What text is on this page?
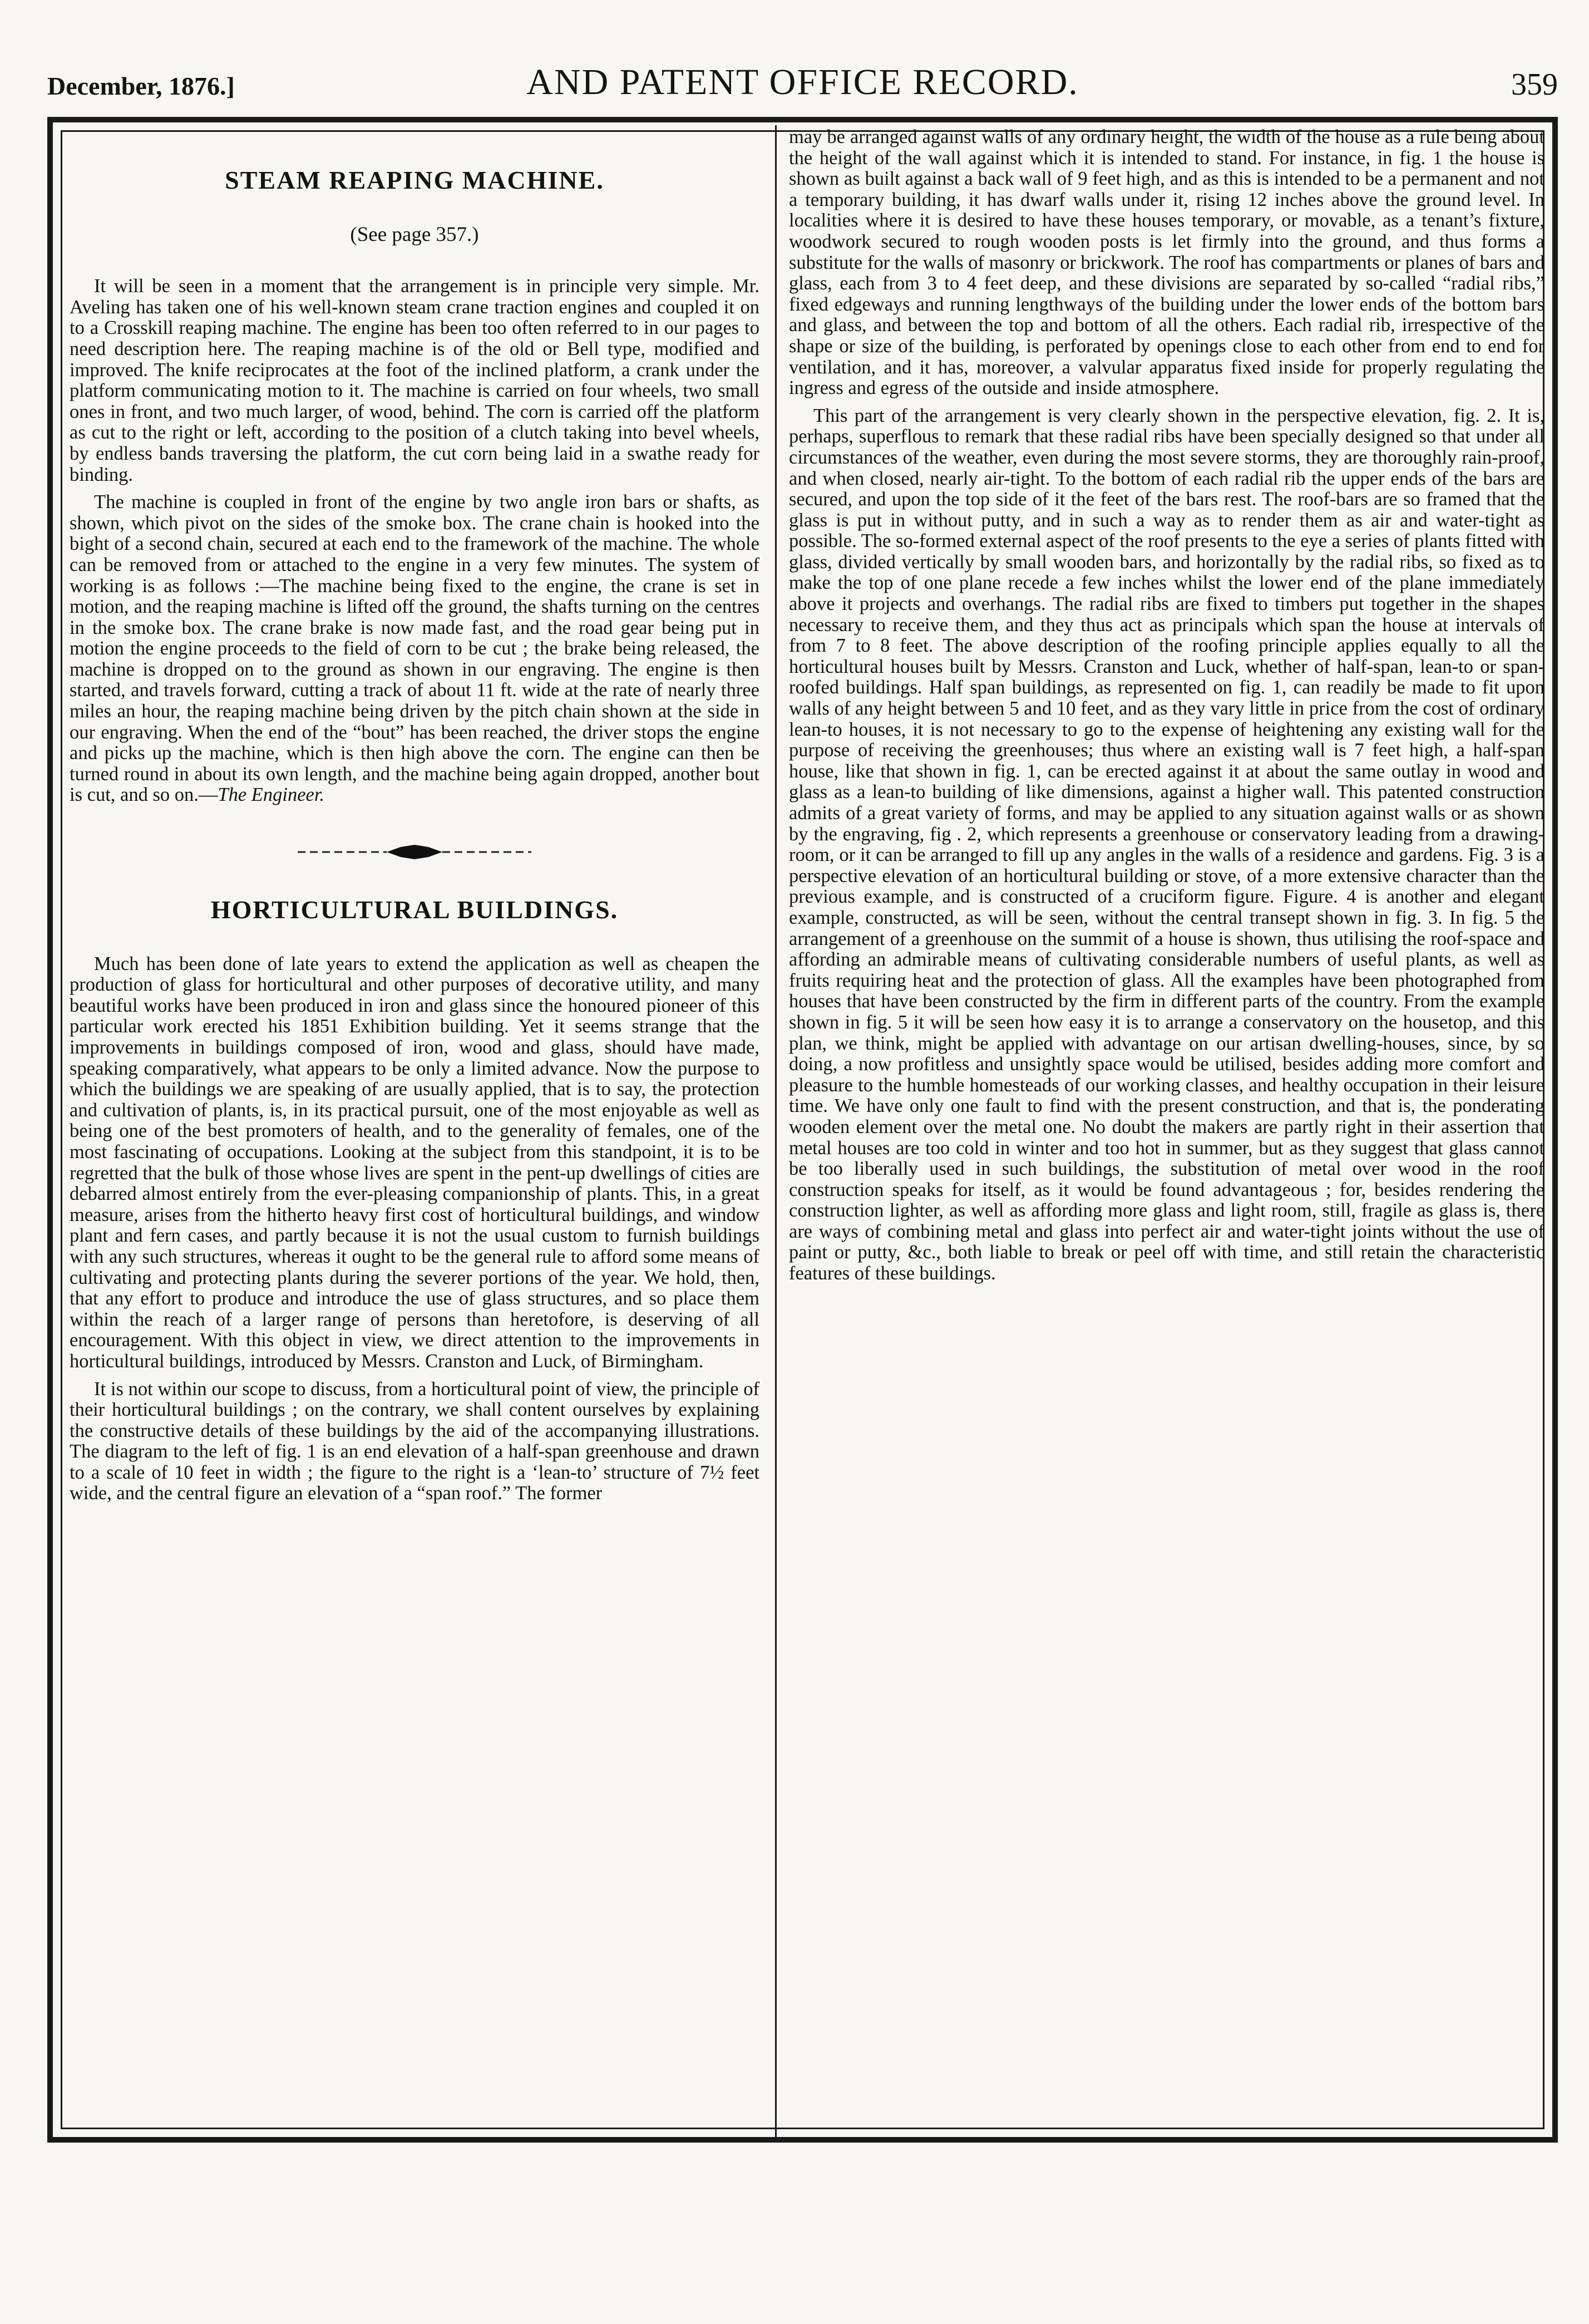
December, 1876.]	AND PATENT OFFICE RECORD.	359
STEAM REAPING MACHINE.
(See page 357.)

It will be seen in a moment that the arrangement is in principle very simple. Mr. Aveling has taken one of his well-known steam crane traction engines and coupled it on to a Crosskill reaping machine. The engine has been too often referred to in our pages to need description here. The reaping machine is of the old or Bell type, modified and improved. The knife reciprocates at the foot of the inclined platform, a crank under the platform communicating motion to it. The machine is carried on four wheels, two small ones in front, and two much larger, of wood, behind. The corn is carried off the platform as cut to the right or left, according to the position of a clutch taking into bevel wheels, by endless bands traversing the platform, the cut corn being laid in a swathe ready for binding.

The machine is coupled in front of the engine by two angle iron bars or shafts, as shown, which pivot on the sides of the smoke box. The crane chain is hooked into the bight of a second chain, secured at each end to the framework of the machine. The whole can be removed from or attached to the engine in a very few minutes. The system of working is as follows :—The machine being fixed to the engine, the crane is set in motion, and the reaping machine is lifted off the ground, the shafts turning on the centres in the smoke box. The crane brake is now made fast, and the road gear being put in motion the engine proceeds to the field of corn to be cut ; the brake being released, the machine is dropped on to the ground as shown in our engraving. The engine is then started, and travels forward, cutting a track of about 11 ft. wide at the rate of nearly three miles an hour, the reaping machine being driven by the pitch chain shown at the side in our engraving. When the end of the “bout” has been reached, the driver stops the engine and picks up the machine, which is then high above the corn. The engine can then be turned round in about its own length, and the machine being again dropped, another bout is cut, and so on.—The Engineer.

HORTICULTURAL BUILDINGS.

Much has been done of late years to extend the application as well as cheapen the production of glass for horticultural and other purposes of decorative utility, and many beautiful works have been produced in iron and glass since the honoured pioneer of this particular work erected his 1851 Exhibition building. Yet it seems strange that the improvements in buildings composed of iron, wood and glass, should have made, speaking comparatively, what appears to be only a limited advance. Now the purpose to which the buildings we are speaking of are usually applied, that is to say, the protection and cultivation of plants, is, in its practical pursuit, one of the most enjoyable as well as being one of the best promoters of health, and to the generality of females, one of the most fascinating of occupations. Looking at the subject from this standpoint, it is to be regretted that the bulk of those whose lives are spent in the pent-up dwellings of cities are debarred almost entirely from the ever-pleasing companionship of plants. This, in a great measure, arises from the hitherto heavy first cost of horticultural buildings, and window plant and fern cases, and partly because it is not the usual custom to furnish buildings with any such structures, whereas it ought to be the general rule to afford some means of cultivating and protecting plants during the severer portions of the year. We hold, then, that any effort to produce and introduce the use of glass structures, and so place them within the reach of a larger range of persons than heretofore, is deserving of all encouragement. With this object in view, we direct attention to the improvements in horticultural buildings, introduced by Messrs. Cranston and Luck, of Birmingham.

It is not within our scope to discuss, from a horticultural point of view, the principle of their horticultural buildings ; on the contrary, we shall content ourselves by explaining the constructive details of these buildings by the aid of the accompanying illustrations. The diagram to the left of fig. 1 is an end elevation of a half-span greenhouse and drawn to a scale of 10 feet in width ; the figure to the right is a ‘lean-to’ structure of 7½ feet wide, and the central figure an elevation of a “span roof.” The former

may be arranged against walls of any ordinary height, the width of the house as a rule being about the height of the wall against which it is intended to stand. For instance, in fig. 1 the house is shown as built against a back wall of 9 feet high, and as this is intended to be a permanent and not a temporary building, it has dwarf walls under it, rising 12 inches above the ground level. In localities where it is desired to have these houses temporary, or movable, as a tenant’s fixture, woodwork secured to rough wooden posts is let firmly into the ground, and thus forms a substitute for the walls of masonry or brickwork. The roof has compartments or planes of bars and glass, each from 3 to 4 feet deep, and these divisions are separated by so-called “radial ribs,” fixed edgeways and running lengthways of the building under the lower ends of the bottom bars and glass, and between the top and bottom of all the others. Each radial rib, irrespective of the shape or size of the building, is perforated by openings close to each other from end to end for ventilation, and it has, moreover, a valvular apparatus fixed inside for properly regulating the ingress and egress of the outside and inside atmosphere.

This part of the arrangement is very clearly shown in the perspective elevation, fig. 2. It is, perhaps, superflous to remark that these radial ribs have been specially designed so that under all circumstances of the weather, even during the most severe storms, they are thoroughly rain-proof, and when closed, nearly air-tight. To the bottom of each radial rib the upper ends of the bars are secured, and upon the top side of it the feet of the bars rest. The roof-bars are so framed that the glass is put in without putty, and in such a way as to render them as air and water-tight as possible. The so-formed external aspect of the roof presents to the eye a series of plants fitted with glass, divided vertically by small wooden bars, and horizontally by the radial ribs, so fixed as to make the top of one plane recede a few inches whilst the lower end of the plane immediately above it projects and overhangs. The radial ribs are fixed to timbers put together in the shapes necessary to receive them, and they thus act as principals which span the house at intervals of from 7 to 8 feet. The above description of the roofing principle applies equally to all the horticultural houses built by Messrs. Cranston and Luck, whether of half-span, lean-to or span-roofed buildings. Half span buildings, as represented on fig. 1, can readily be made to fit upon walls of any height between 5 and 10 feet, and as they vary little in price from the cost of ordinary lean-to houses, it is not necessary to go to the expense of heightening any existing wall for the purpose of receiving the greenhouses; thus where an existing wall is 7 feet high, a half-span house, like that shown in fig. 1, can be erected against it at about the same outlay in wood and glass as a lean-to building of like dimensions, against a higher wall. This patented construction admits of a great variety of forms, and may be applied to any situation against walls or as shown by the engraving, fig . 2, which represents a greenhouse or conservatory leading from a drawing-room, or it can be arranged to fill up any angles in the walls of a residence and gardens. Fig. 3 is a perspective elevation of an horticultural building or stove, of a more extensive character than the previous example, and is constructed of a cruciform figure. Figure. 4 is another and elegant example, constructed, as will be seen, without the central transept shown in fig. 3. In fig. 5 the arrangement of a greenhouse on the summit of a house is shown, thus utilising the roof-space and affording an admirable means of cultivating considerable numbers of useful plants, as well as fruits requiring heat and the protection of glass. All the examples have been photographed from houses that have been constructed by the firm in different parts of the country. From the example shown in fig. 5 it will be seen how easy it is to arrange a conservatory on the housetop, and this plan, we think, might be applied with advantage on our artisan dwelling-houses, since, by so doing, a now profitless and unsightly space would be utilised, besides adding more comfort and pleasure to the humble homesteads of our working classes, and healthy occupation in their leisure time. We have only one fault to find with the present construction, and that is, the ponderating wooden element over the metal one. No doubt the makers are partly right in their assertion that metal houses are too cold in winter and too hot in summer, but as they suggest that glass cannot be too liberally used in such buildings, the substitution of metal over wood in the roof construction speaks for itself, as it would be found advantageous ; for, besides rendering the construction lighter, as well as affording more glass and light room, still, fragile as glass is, there are ways of combining metal and glass into perfect air and water-tight joints without the use of paint or putty, &c., both liable to break or peel off with time, and still retain the characteristic features of these buildings.
